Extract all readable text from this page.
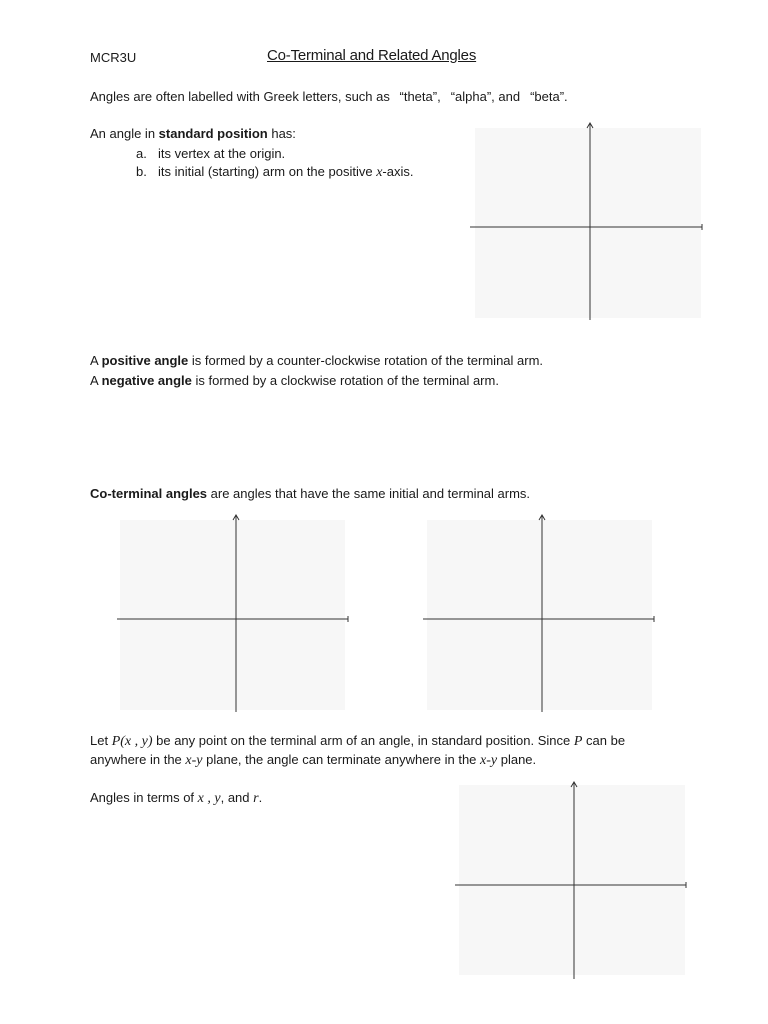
MCR3U	Co-Terminal and Related Angles
Angles are often labelled with Greek letters, such as “theta”, “alpha”, and “beta”.
An angle in standard position has:
a. its vertex at the origin.
b. its initial (starting) arm on the positive x-axis.
A positive angle is formed by a counter-clockwise rotation of the terminal arm.
A negative angle is formed by a clockwise rotation of the terminal arm.
Co-terminal angles are angles that have the same initial and terminal arms.
Let P(x , y) be any point on the terminal arm of an angle, in standard position. Since P can be
anywhere in the x-y plane, the angle can terminate anywhere in the x-y plane.
Angles in terms of x , y, and r.
